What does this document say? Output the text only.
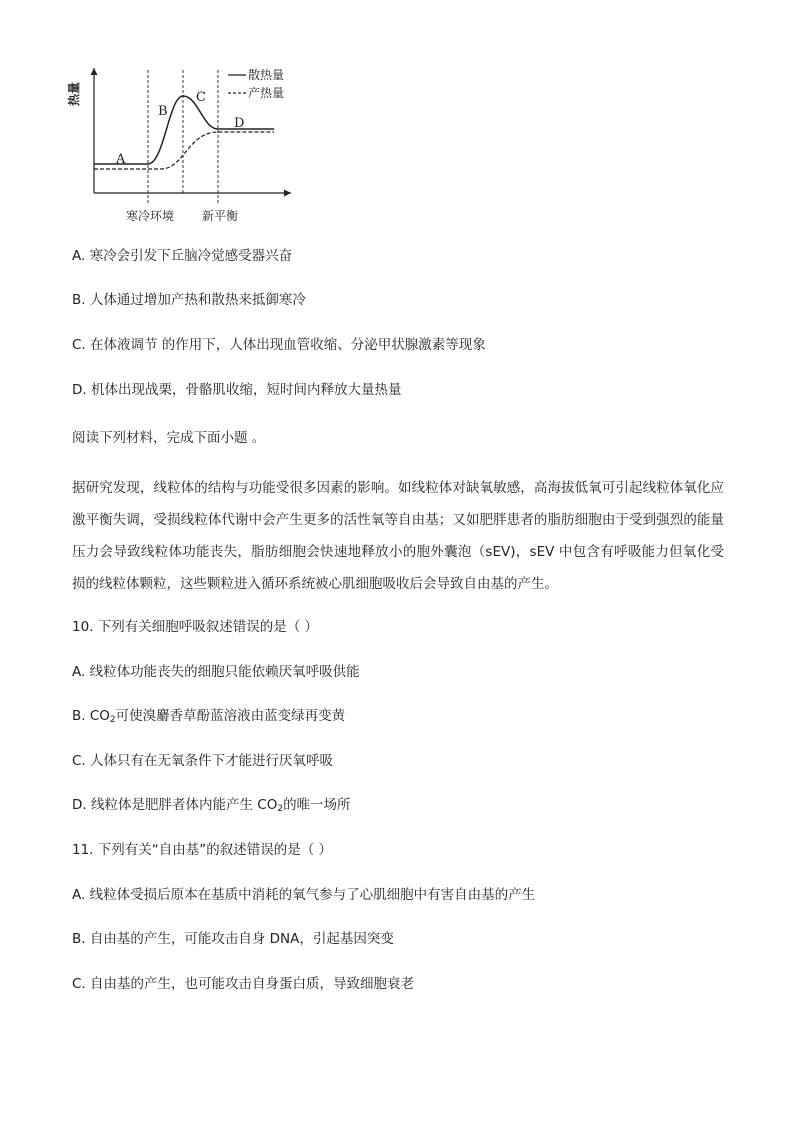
热量
A
B
C
D
散热量
产热量
寒冷环境 新平衡
A. 寒冷会引发下丘脑冷觉感受器兴奋
B. 人体通过增加产热和散热来抵御寒冷
C. 在体液调节 的作用下，人体出现血管收缩、分泌甲状腺激素等现象
D. 机体出现战栗，骨骼肌收缩，短时间内释放大量热量
阅读下列材料，完成下面小题 。
据研究发现，线粒体的结构与功能受很多因素的影响。如线粒体对缺氧敏感，高海拔低氧可引起线粒体氧化应激平衡失调，受损线粒体代谢中会产生更多的活性氧等自由基；又如肥胖患者的脂肪细胞由于受到强烈的能量压力会导致线粒体功能丧失，脂肪细胞会快速地释放小的胞外囊泡（sEV)，sEV 中包含有呼吸能力但氧化受损的线粒体颗粒，这些颗粒进入循环系统被心肌细胞吸收后会导致自由基的产生。
10. 下列有关细胞呼吸叙述错误的是（ ）
A. 线粒体功能丧失的细胞只能依赖厌氧呼吸供能
B. $CO_2$可使溴麝香草酚蓝溶液由蓝变绿再变黄
C. 人体只有在无氧条件下才能进行厌氧呼吸
D. 线粒体是肥胖者体内能产生 $CO_2$的唯一场所
11. 下列有关“自由基”的叙述错误的是（ ）
A. 线粒体受损后原本在基质中消耗的氧气参与了心肌细胞中有害自由基的产生
B. 自由基的产生，可能攻击自身 DNA，引起基因突变
C. 自由基的产生，也可能攻击自身蛋白质，导致细胞衰老
